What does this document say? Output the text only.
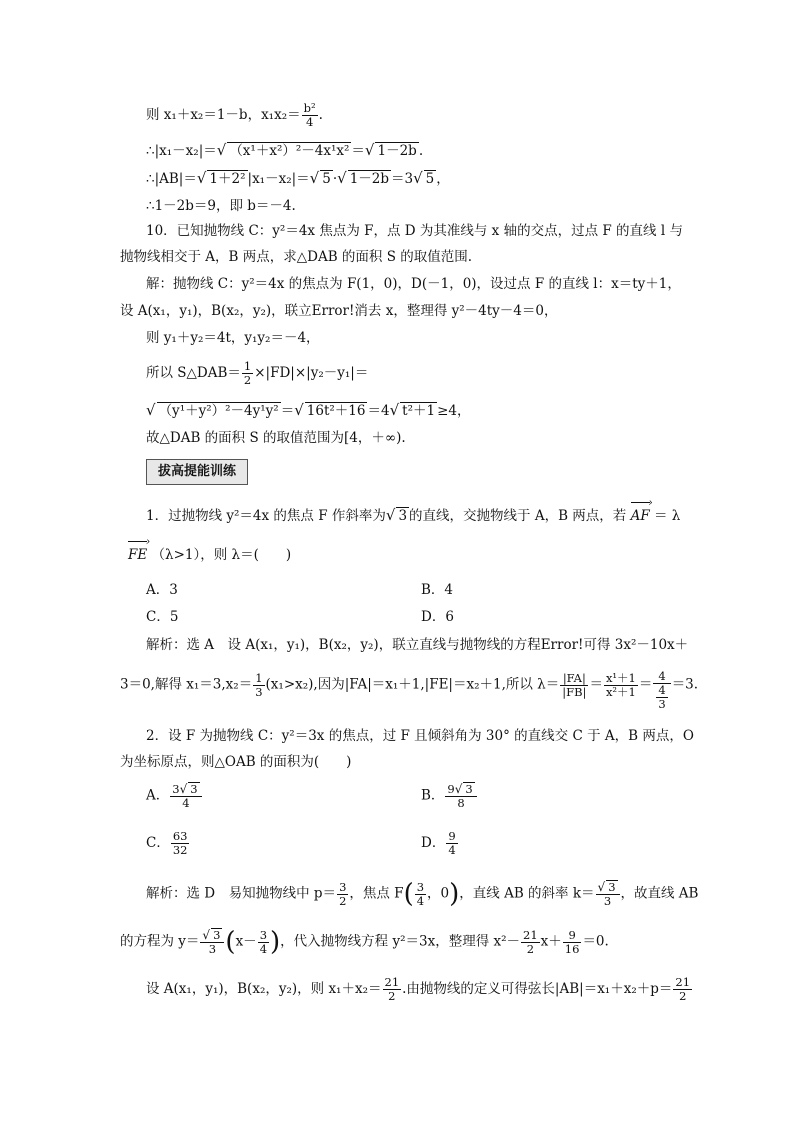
则 x₁＋x₂＝1－b，$x_1x_2= \frac{\text{b²}}{4}$ .
∴|x₁－x₂|＝√ （x¹＋x²）²－4x¹x² ＝√ 1－2b .
∴|AB|＝√ 1＋2² |x₁－x₂|＝√ 5 ·√ 1－2b ＝3√ 5 ，
∴1－2b＝9，即 b＝－4.
10．已知抛物线 C：y²＝4x 焦点为 F，点 D 为其准线与 x 轴的交点，过点 F 的直线 l 与
抛物线相交于 A，B 两点，求△DAB 的面积 S 的取值范围.
解：抛物线 C：y²＝4x 的焦点为 F(1，0)，D(－1，0)，设过点 F 的直线 l：x＝ty＋1，
设 A(x₁，y₁)，B(x₂，y₂)，联立Error!消去 x，整理得 y²－4ty－4＝0，
则 y₁＋y₂＝4t，y₁y₂＝－4，
所以 S△DAB＝ $\frac{1}{2} \times|FD|\times|y_2-y_1|=$
√ （y¹＋y²）²－4y¹y² ＝√ 16t²＋16 ＝4√ t²＋1 ≥4，
故△DAB 的面积 S 的取值范围为[4，＋∞).
拔高提能训练
1．过抛物线 y²＝4x 的焦点 F 作斜率为√ 3 的直线，交抛物线于 A，B 两点，若 AF › ＝ λ
FE › （λ>1），则 λ＝(　　)
A．3	B．4
C．5	D．6
解析：选 A　设 A(x₁，y₁)，B(x₂，y₂)，联立直线与抛物线的方程Error!可得 3x²－10x＋
3＝0,解得 $x_1=3,x_2= \frac{1}{3} (x_1>x_2)$,因为|FA|＝x₁＋1,|FE|＝x₂＋1,所以 $\lambda= \frac{|FA|}{|FB|} = \frac{\text{x¹＋1}}{\text{x²＋1}} = \frac{4}{\frac{4}{3}} =3$.
2．设 F 为抛物线 C：y²＝3x 的焦点，过 F 且倾斜角为 30° 的直线交 C 于 A，B 两点，O
为坐标原点，则△OAB 的面积为(　　)
A． $\frac{3√ 3}{4}$	B． $\frac{9√ 3}{8}$
C． $\frac{63}{32}$	D． $\frac{9}{4}$
解析：选 D　易知抛物线中 $p= \frac{3}{2}$ ，焦点 $F( \frac{3}{4}$ ，0)，直线 AB 的斜率 $k= \frac{√ 3}{3}$ ，故直线 AB
的方程为 $y= \frac{√ 3}{3} (x- \frac{3}{4}$ )，代入抛物线方程 y²＝3x，整理得 $x^2- \frac{21}{2} x+ \frac{9}{16} =0$.
设 A(x₁，y₁)，B(x₂，y₂)，则 $x_1+x_2= \frac{21}{2}$ .由抛物线的定义可得弦长$|AB|=x_1+x_2+p= \frac{21}{2}$
